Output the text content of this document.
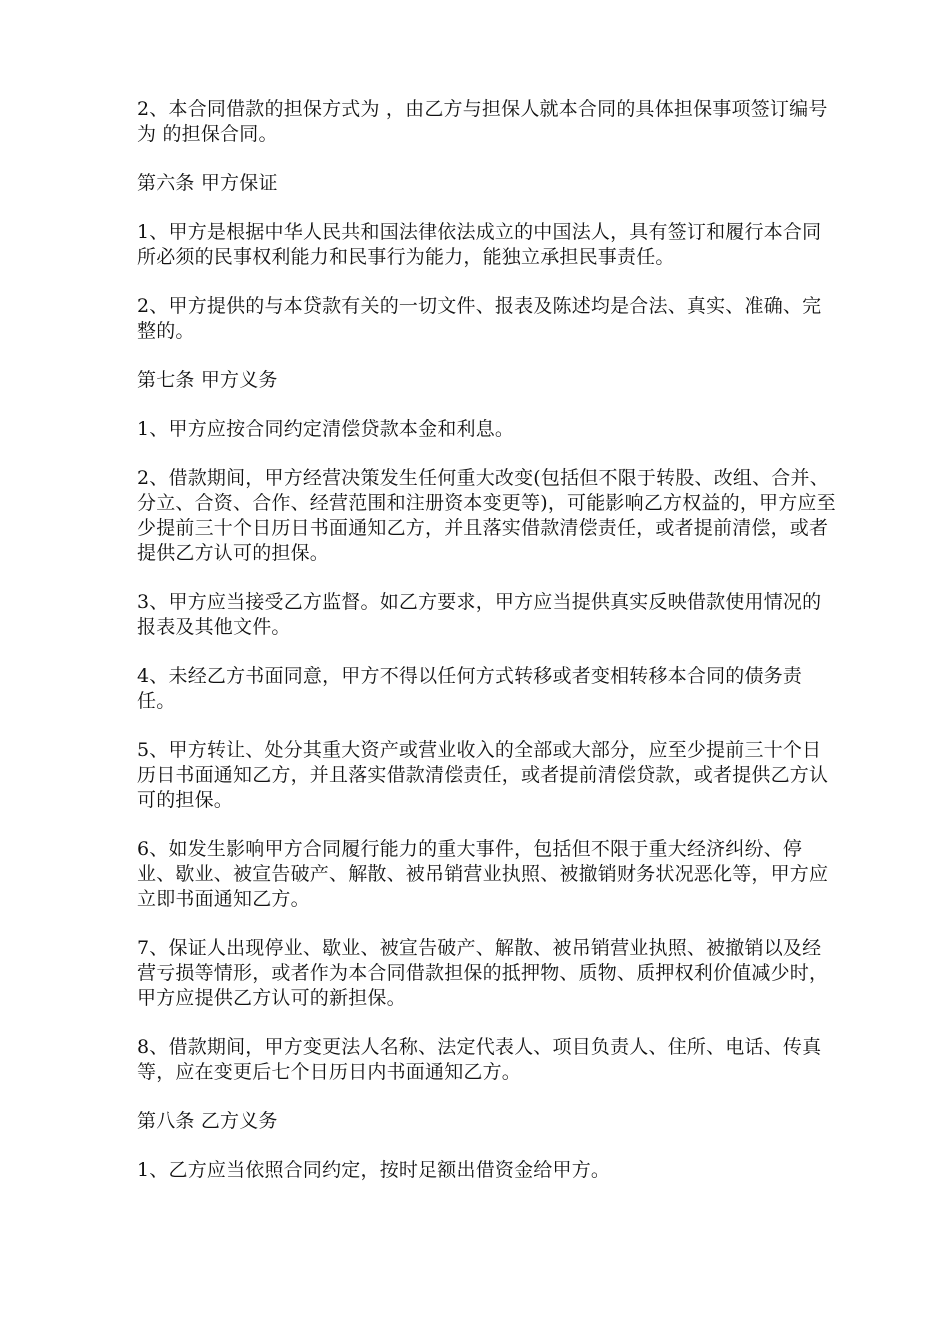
2、本合同借款的担保方式为 ，由乙方与担保人就本合同的具体担保事项签订编号为 的担保合同。

第六条 甲方保证

1、甲方是根据中华人民共和国法律依法成立的中国法人，具有签订和履行本合同所必须的民事权利能力和民事行为能力，能独立承担民事责任。

2、甲方提供的与本贷款有关的一切文件、报表及陈述均是合法、真实、准确、完整的。

第七条 甲方义务

1、甲方应按合同约定清偿贷款本金和利息。

2、借款期间，甲方经营决策发生任何重大改变(包括但不限于转股、改组、合并、分立、合资、合作、经营范围和注册资本变更等)，可能影响乙方权益的，甲方应至少提前三十个日历日书面通知乙方，并且落实借款清偿责任，或者提前清偿，或者提供乙方认可的担保。

3、甲方应当接受乙方监督。如乙方要求，甲方应当提供真实反映借款使用情况的报表及其他文件。

4、未经乙方书面同意，甲方不得以任何方式转移或者变相转移本合同的债务责任。

5、甲方转让、处分其重大资产或营业收入的全部或大部分，应至少提前三十个日历日书面通知乙方，并且落实借款清偿责任，或者提前清偿贷款，或者提供乙方认可的担保。

6、如发生影响甲方合同履行能力的重大事件，包括但不限于重大经济纠纷、停业、歇业、被宣告破产、解散、被吊销营业执照、被撤销财务状况恶化等，甲方应立即书面通知乙方。

7、保证人出现停业、歇业、被宣告破产、解散、被吊销营业执照、被撤销以及经营亏损等情形，或者作为本合同借款担保的抵押物、质物、质押权利价值减少时，甲方应提供乙方认可的新担保。

8、借款期间，甲方变更法人名称、法定代表人、项目负责人、住所、电话、传真等，应在变更后七个日历日内书面通知乙方。

第八条 乙方义务

1、乙方应当依照合同约定，按时足额出借资金给甲方。
